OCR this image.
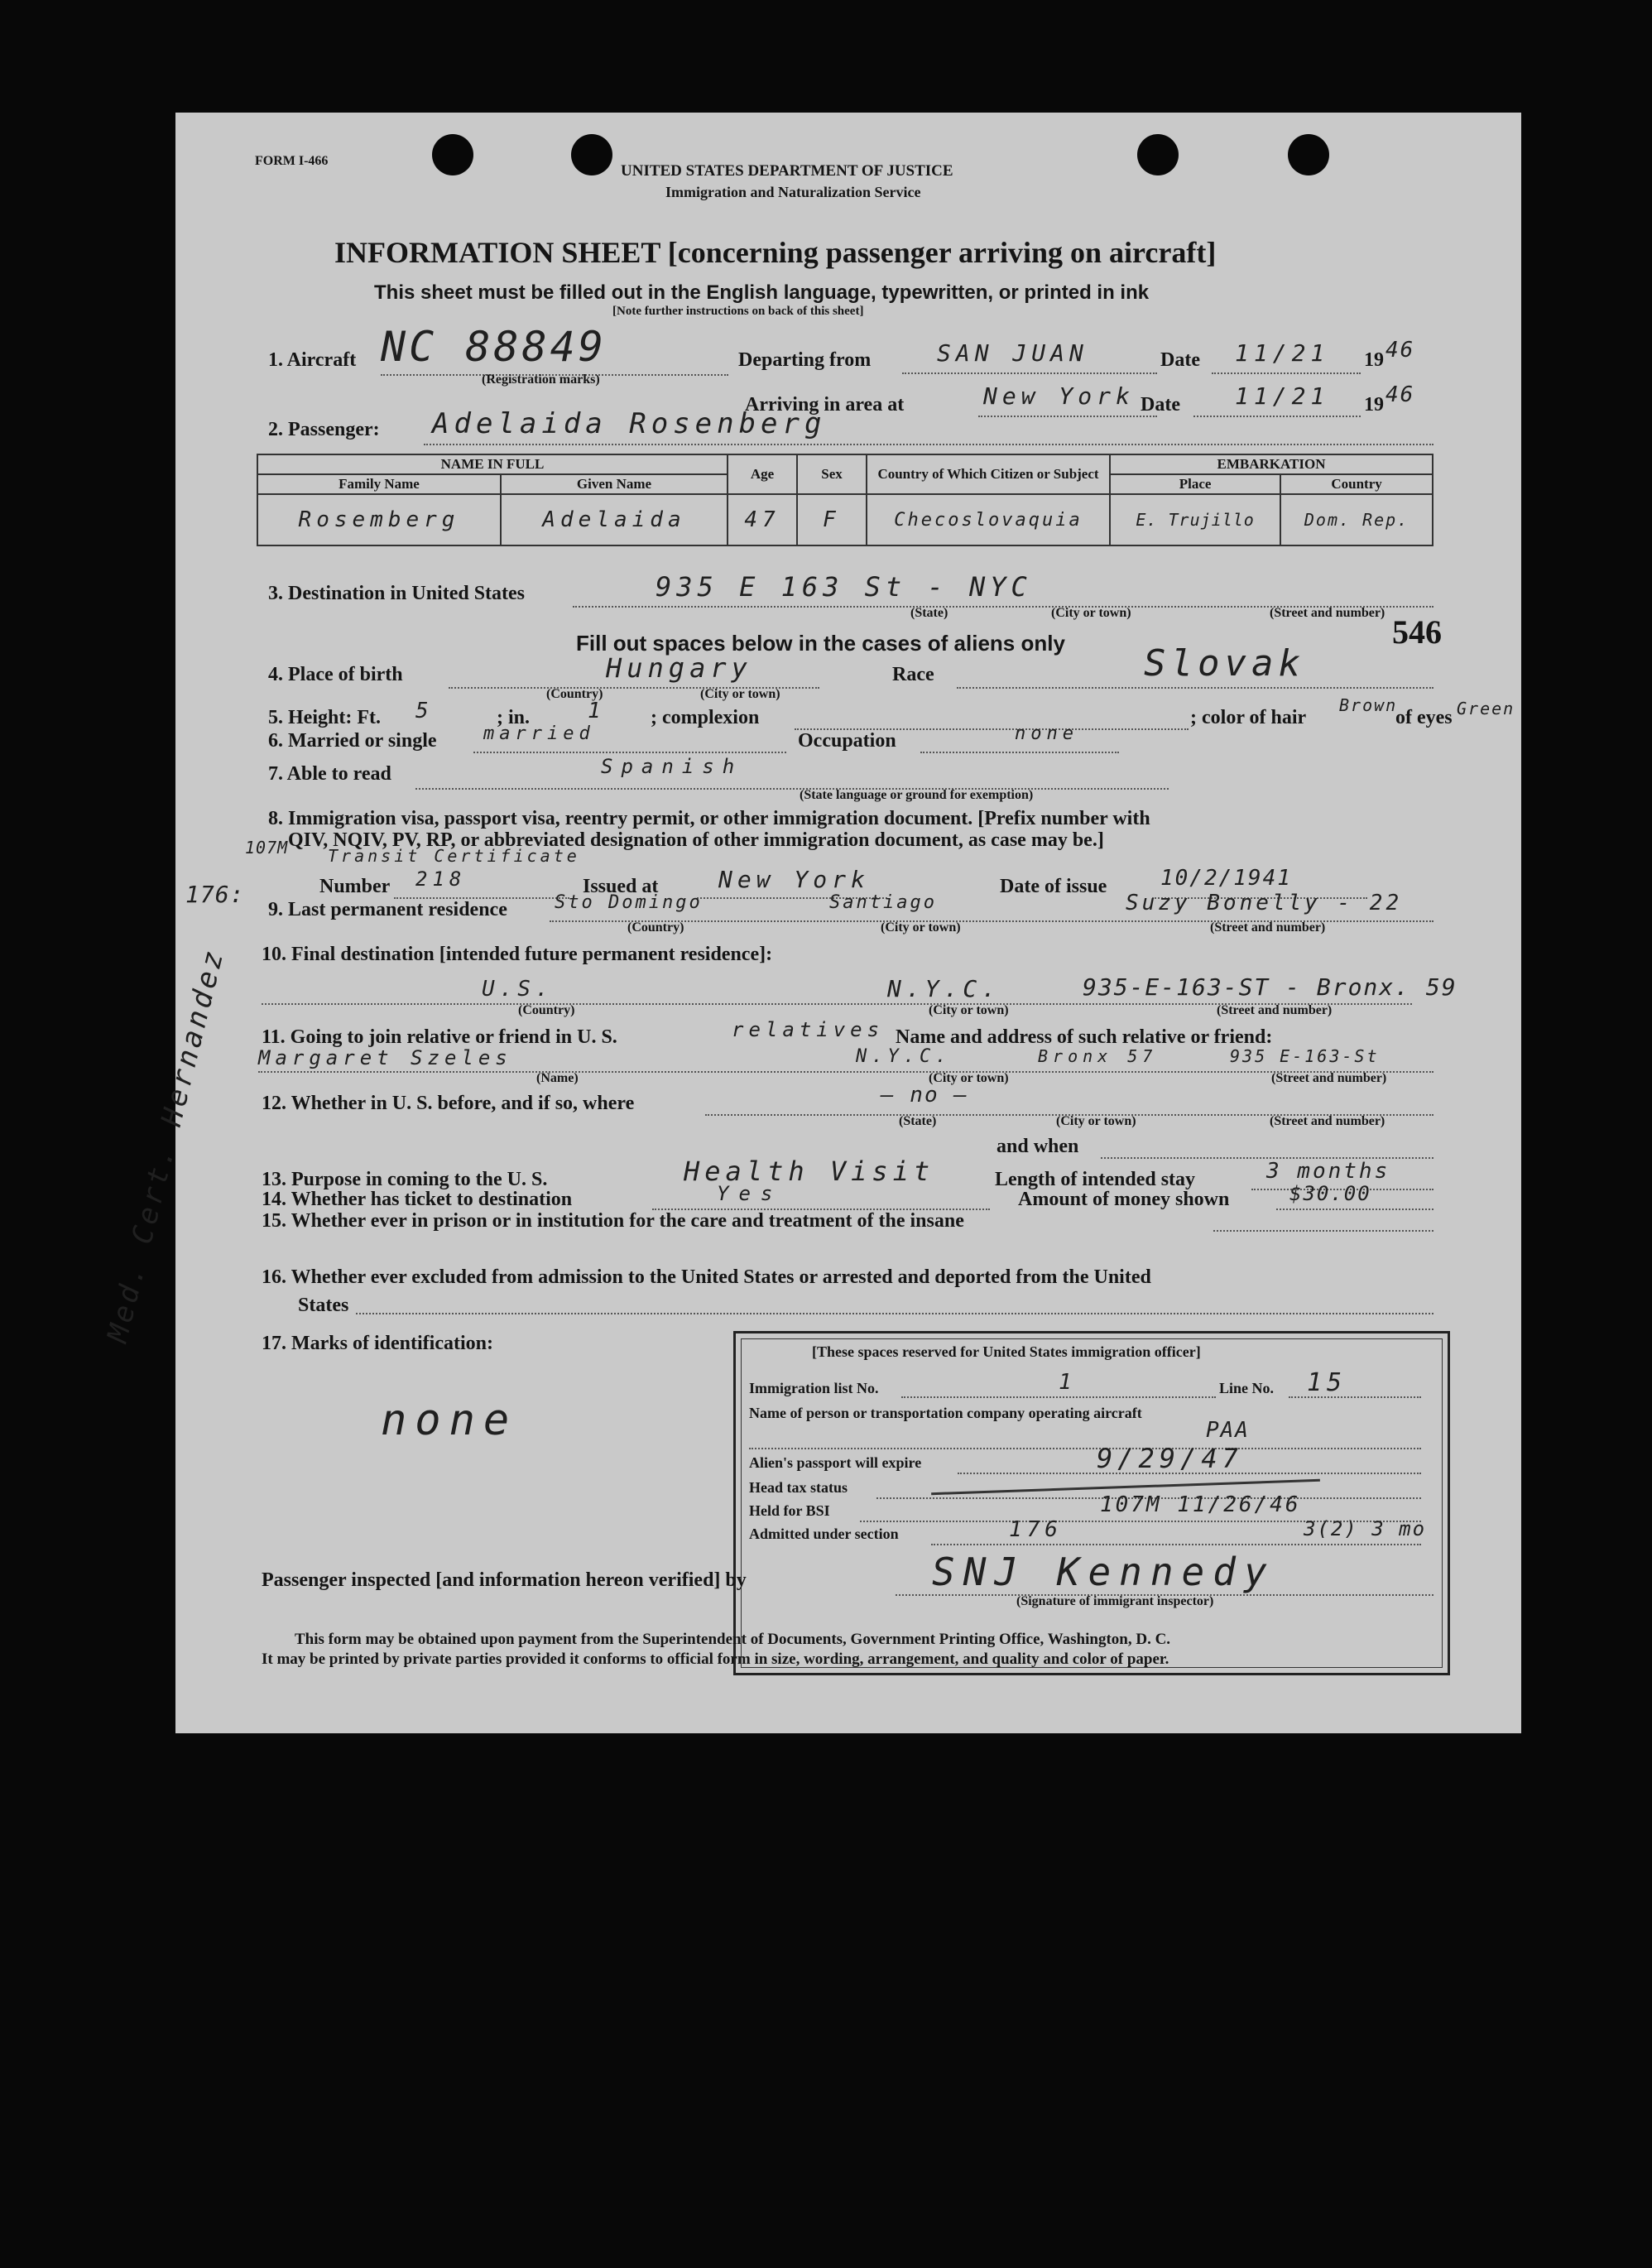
FORM I-466
UNITED STATES DEPARTMENT OF JUSTICE
Immigration and Naturalization Service
INFORMATION SHEET [concerning passenger arriving on aircraft]
This sheet must be filled out in the English language, typewritten, or printed in ink
[Note further instructions on back of this sheet]
1. Aircraft NC 88849
(Registration marks)
Departing from	SAN JUAN	Date 11/21 19 46
Arriving in area at	New York Date 11/21 19 46
2. Passenger: Adelaida Rosenberg
NAME IN FULL		Age	Sex	Country of Which Citizen or Subject	EMBARKATION	
Family Name	Given Name				Place	Country
Rosemberg	Adelaida	47	F	Checoslovaquia	E. Trujillo	Dom. Rep.
3. Destination in United States	935 E 163 St - NYC
(State)	(City or town)	(Street and number)
546
Fill out spaces below in the cases of aliens only
4. Place of birth	Hungary
(Country)	(City or town)
Race	Slovak
5. Height: Ft. 5	; in.	1 ; complexion	; color of hair
Brown
of eyes Green
6. Married or single	married	Occupation	none
7. Able to read	Spanish
(State language or ground for exemption)
8. Immigration visa, passport visa, reentry permit, or other immigration document. [Prefix number with
QIV, NQIV, PV, RP, or abbreviated designation of other immigration document, as case may be.]
107M Transit Certificate
176:	Number 218	Issued at	New York	Date of issue 10/2/1941
9. Last permanent residence	Sto Domingo	Santiago	Suzy Bonelly - 22
(Country)	(City or town)	(Street and number)
10. Final destination [intended future permanent residence]:
U.S.	N.Y.C.	935-E-163-ST - Bronx. 59
(Country)	(City or town)	(Street and number)
11. Going to join relative or friend in U. S.	relatives Name and address of such relative or friend:
Margaret Szeles	N.Y.C.	Bronx 57	935 E-163-St
(Name)	(City or town)	(Street and number)
12. Whether in U. S. before, and if so, where	— no —
(State)	(City or town)	(Street and number)
and when
13. Purpose in coming to the U. S.	Health Visit	Length of intended stay	3 months
14. Whether has ticket to destination	Yes	Amount of money shown	$30.00
15. Whether ever in prison or in institution for the care and treatment of the insane
16. Whether ever excluded from admission to the United States or arrested and deported from the United
States
17. Marks of identification:
none
Med. Cert. Hernandez
[These spaces reserved for United States immigration officer]
Immigration list No.	1	Line No. 15
Name of person or transportation company operating aircraft
PAA
Alien's passport will expire	9/29/47
Head tax status
Held for BSI	107M 11/26/46
Admitted under section	176	3(2) 3 mo
Passenger inspected [and information hereon verified] by	SNJ Kennedy
(Signature of immigrant inspector)
This form may be obtained upon payment from the Superintendent of Documents, Government Printing Office, Washington, D. C.
It may be printed by private parties provided it conforms to official form in size, wording, arrangement, and quality and color of paper.
